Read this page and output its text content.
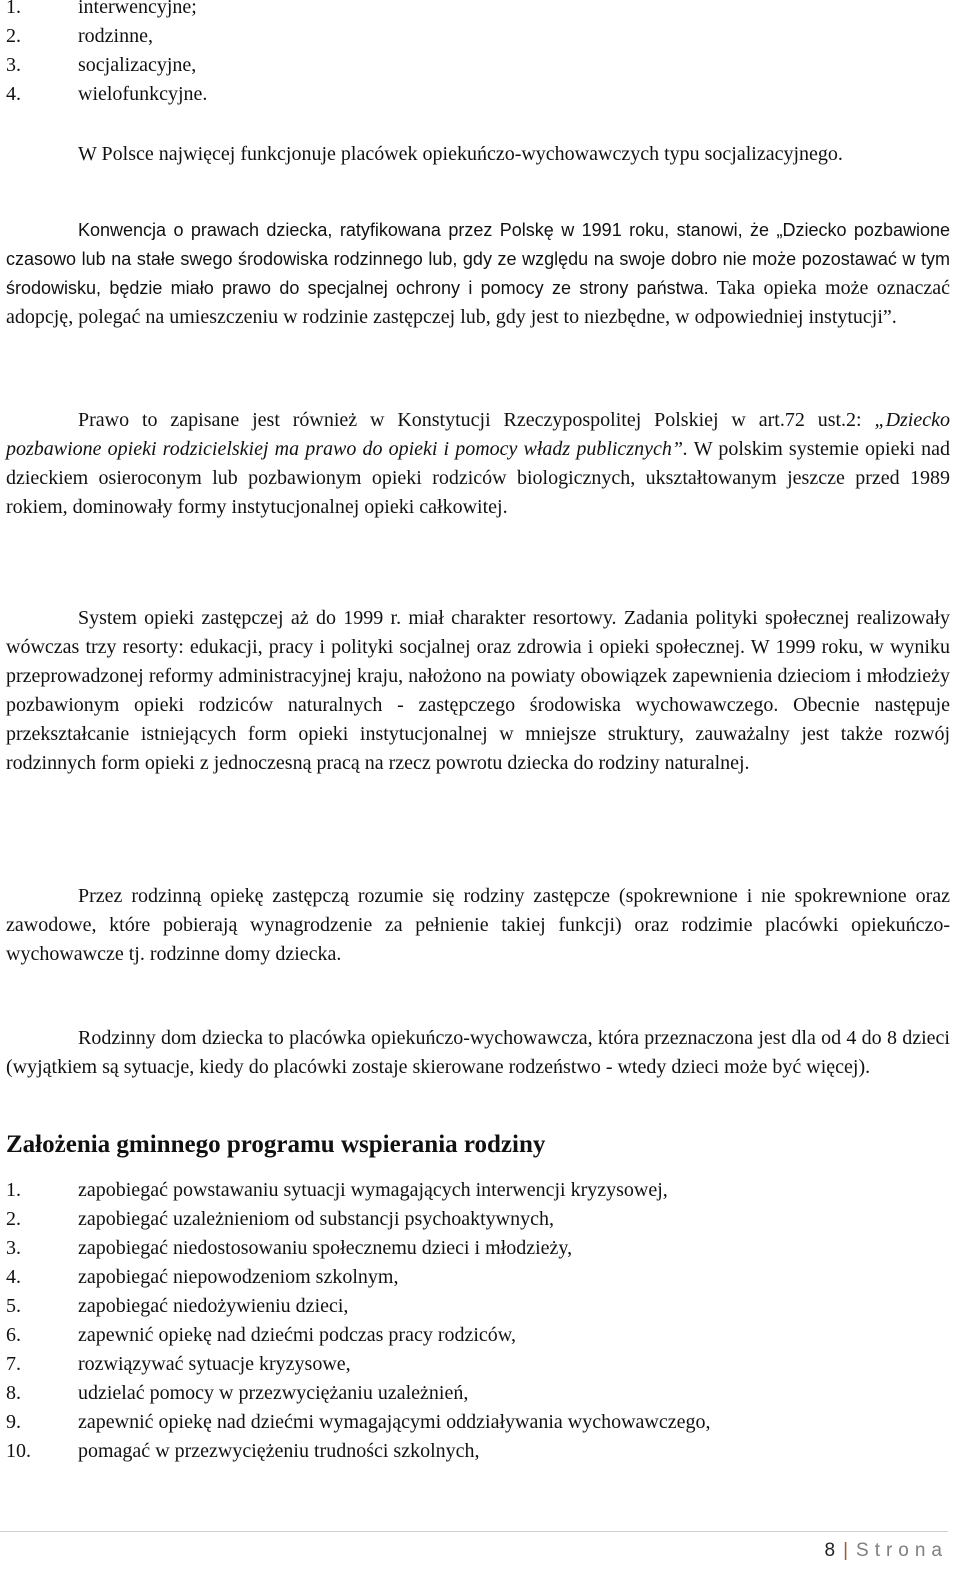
1.	interwencyjne;
2.	rodzinne,
3.	socjalizacyjne,
4.	wielofunkcyjne.

W Polsce najwięcej funkcjonuje placówek opiekuńczo-wychowawczych typu socjalizacyjnego.

Konwencja o prawach dziecka, ratyfikowana przez Polskę w 1991 roku, stanowi, że „Dziecko pozbawione czasowo lub na stałe swego środowiska rodzinnego lub, gdy ze względu na swoje dobro nie może pozostawać w tym środowisku, będzie miało prawo do specjalnej ochrony i pomocy ze strony państwa. Taka opieka może oznaczać adopcję, polegać na umieszczeniu w rodzinie zastępczej lub, gdy jest to niezbędne, w odpowiedniej instytucji”.

Prawo to zapisane jest również w Konstytucji Rzeczypospolitej Polskiej w art.72 ust.2: „Dziecko pozbawione opieki rodzicielskiej ma prawo do opieki i pomocy władz publicznych”. W polskim systemie opieki nad dzieckiem osieroconym lub pozbawionym opieki rodziców biologicznych, ukształtowanym jeszcze przed 1989 rokiem, dominowały formy instytucjonalnej opieki całkowitej.

System opieki zastępczej aż do 1999 r. miał charakter resortowy. Zadania polityki społecznej realizowały wówczas trzy resorty: edukacji, pracy i polityki socjalnej oraz zdrowia i opieki społecznej. W 1999 roku, w wyniku przeprowadzonej reformy administracyjnej kraju, nałożono na powiaty obowiązek zapewnienia dzieciom i młodzieży pozbawionym opieki rodziców naturalnych - zastępczego środowiska wychowawczego. Obecnie następuje przekształcanie istniejących form opieki instytucjonalnej w mniejsze struktury, zauważalny jest także rozwój rodzinnych form opieki z jednoczesną pracą na rzecz powrotu dziecka do rodziny naturalnej.

Przez rodzinną opiekę zastępczą rozumie się rodziny zastępcze (spokrewnione i nie spokrewnione oraz zawodowe, które pobierają wynagrodzenie za pełnienie takiej funkcji) oraz rodzimie placówki opiekuńczo-wychowawcze tj. rodzinne domy dziecka.

Rodzinny dom dziecka to placówka opiekuńczo-wychowawcza, która przeznaczona jest dla od 4 do 8 dzieci (wyjątkiem są sytuacje, kiedy do placówki zostaje skierowane rodzeństwo - wtedy dzieci może być więcej).

Założenia gminnego programu wspierania rodziny
1.	zapobiegać powstawaniu sytuacji wymagających interwencji kryzysowej,
2.	zapobiegać uzależnieniom od substancji psychoaktywnych,
3.	zapobiegać niedostosowaniu społecznemu dzieci i młodzieży,
4.	zapobiegać niepowodzeniom szkolnym,
5.	zapobiegać niedożywieniu dzieci,
6.	zapewnić opiekę nad dziećmi podczas pracy rodziców,
7.	rozwiązywać sytuacje kryzysowe,
8.	udzielać pomocy w przezwyciężaniu uzależnień,
9.	zapewnić opiekę nad dziećmi wymagającymi oddziaływania wychowawczego,
10.	pomagać w przezwyciężeniu trudności szkolnych,
8 | Strona
